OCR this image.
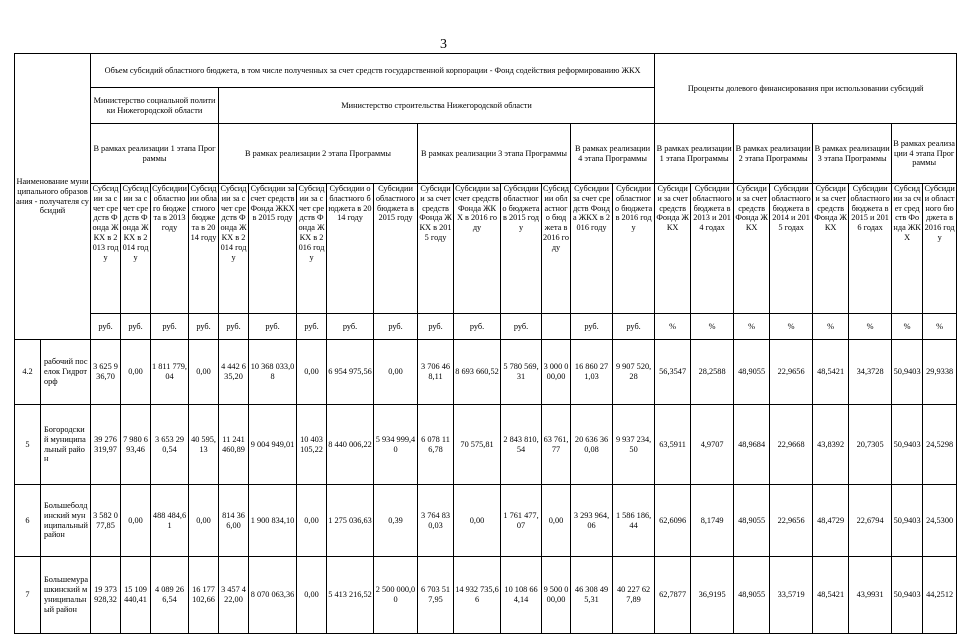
3
Наименование муниципального образования - получателя субсидий		Объем субсидий областного бюджета, в том числе полученных за счет средств государственной корпорации - Фонд содействия реформированию ЖКХ															Проценты долевого финансирования при использовании субсидий							
		Министерство социальной политики Нижегородской области				Министерство строительства Нижегородской области																		
		В рамках реализации 1 этапа Программы				В рамках реализации 2 этапа Программы					В рамках реализации 3 этапа Программы				В рамках реализации 4 этапа Программы		В рамках реализации 1 этапа Программы		В рамках реализации 2 этапа Программы		В рамках реализации 3 этапа Программы		В рамках реализации 4 этапа Программы	
		Субсидии за счет средств Фонда ЖКХ в 2013 году	Субсидии за счет средств Фонда ЖКХ в 2014 году	Субсидии областного бюджета в 2013 году	Субсидии областного бюджета в 2014 году	Субсидии за счет средств Фонда ЖКХ в 2014 году	Субсидии за счет средств Фонда ЖКХ в 2015 году	Субсидии за счет средств Фонда ЖКХ в 2016 году	Субсидии областного бюджета в 2014 году	Субсидии областного бюджета в 2015 году	Субсидии за счет средств Фонда ЖКХ в 2015 году	Субсидии за счет средств Фонда ЖКХ в 2016 году	Субсидии областного бюджета в 2015 году	Субсидии областного бюджета в 2016 году	Субсидии за счет средств Фонда ЖКХ в 2016 году	Субсидии областного бюджета в 2016 году	Субсидии за счет средств Фонда ЖКХ	Субсидии областного бюджета в 2013 и 2014 годах	Субсидии за счет средств Фонда ЖКХ	Субсидии областного бюджета в 2014 и 2015 годах	Субсидии за счет средств Фонда ЖКХ	Субсидии областного бюджета в 2015 и 2016 годах	Субсидии за счет средств Фонда ЖКХ	Субсидии областного бюджета в 2016 году
		руб.	руб.	руб.	руб.	руб.	руб.	руб.	руб.	руб.	руб.	руб.	руб.		руб.	руб.	%	%	%	%	%	%	%	%
4.2	рабочий поселок Гидроторф	3 625 936,70	0,00	1 811 779,04	0,00	4 442 635,20	10 368 033,08	0,00	6 954 975,56	0,00	3 706 468,11	8 693 660,52	5 780 569,31	3 000 000,00	16 860 271,03	9 907 520,28	56,3547	28,2588	48,9055	22,9656	48,5421	34,3728	50,9403	29,9338
5	Богородский муниципальный район	39 276 319,97	7 980 693,46	3 653 290,54	40 595,13	11 241 460,89	9 004 949,01	10 403 105,22	8 440 006,22	5 934 999,40	6 078 116,78	70 575,81	2 843 810,54	63 761,77	20 636 360,08	9 937 234,50	63,5911	4,9707	48,9684	22,9668	43,8392	20,7305	50,9403	24,5298
6	Большеболдинский муниципальный район	3 582 077,85	0,00	488 484,61	0,00	814 366,00	1 900 834,10	0,00	1 275 036,63	0,39	3 764 830,03	0,00	1 761 477,07	0,00	3 293 964,06	1 586 186,44	62,6096	8,1749	48,9055	22,9656	48,4729	22,6794	50,9403	24,5300
7	Большемурашкинский муниципальный район	19 373 928,32	15 109 440,41	4 089 266,54	16 177 102,66	3 457 422,00	8 070 063,36	0,00	5 413 216,52	2 500 000,00	6 703 517,95	14 932 735,66	10 108 664,14	9 500 000,00	46 308 495,31	40 227 627,89	62,7877	36,9195	48,9055	33,5719	48,5421	43,9931	50,9403	44,2512
